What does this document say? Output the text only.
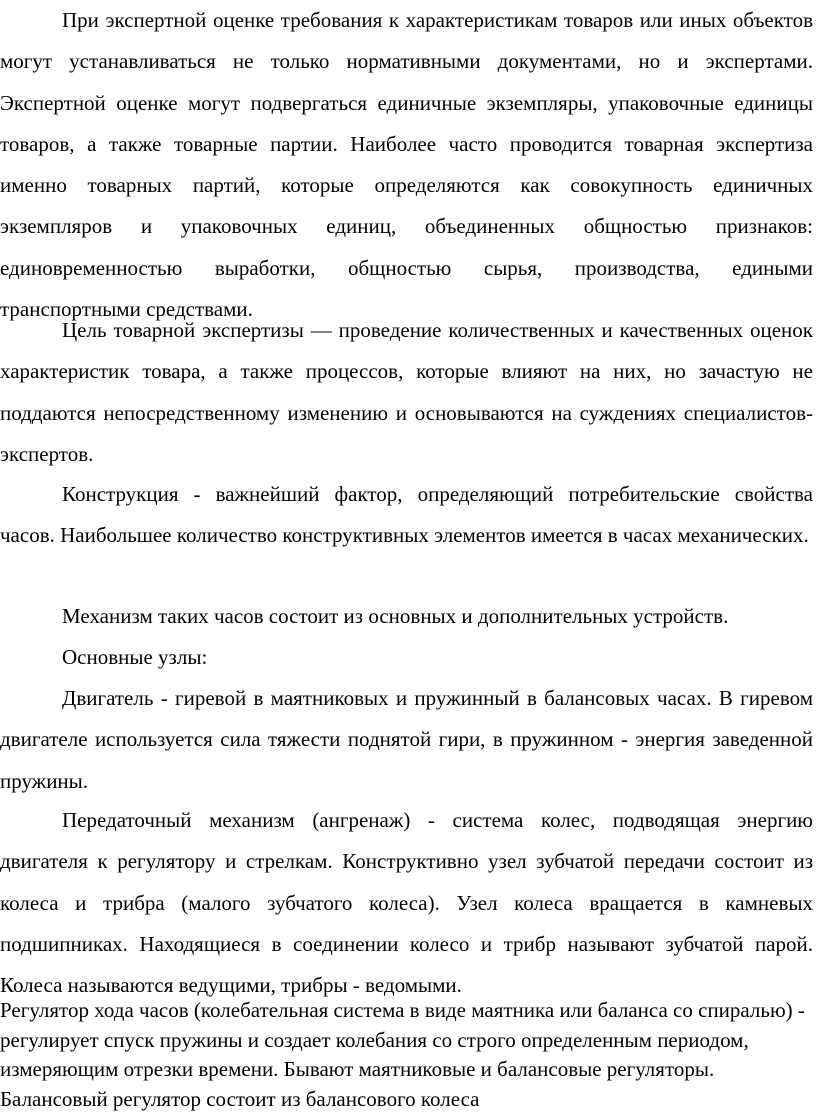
При экспертной оценке требования к характеристикам товаров или иных объектов могут устанавливаться не только нормативными документами, но и экспертами. Экспертной оценке могут подвергаться единичные экземпляры, упаковочные единицы товаров, а также товарные партии. Наиболее часто проводится товарная экспертиза именно товарных партий, которые определяются как совокупность единичных экземпляров и упаковочных единиц, объединенных общностью признаков: единовременностью выработки, общностью сырья, производства, едиными транспортными средствами.

Цель товарной экспертизы — проведение количественных и качественных оценок характеристик товара, а также процессов, которые влияют на них, но зачастую не поддаются непосредственному изменению и основываются на суждениях специалистов-экспертов.

Конструкция - важнейший фактор, определяющий потребительские свойства часов. Наибольшее количество конструктивных элементов имеется в часах механических.

Механизм таких часов состоит из основных и дополнительных устройств.

Основные узлы:

Двигатель - гиревой в маятниковых и пружинный в балансовых часах. В гиревом двигателе используется сила тяжести поднятой гири, в пружинном - энергия заведенной пружины.

Передаточный механизм (ангренаж) - система колес, подводящая энергию двигателя к регулятору и стрелкам. Конструктивно узел зубчатой передачи состоит из колеса и трибра (малого зубчатого колеса). Узел колеса вращается в камневых подшипниках. Находящиеся в соединении колесо и трибр называют зубчатой парой. Колеса называются ведущими, трибры - ведомыми.

Регулятор хода часов (колебательная система в виде маятника или баланса со спиралью) - регулирует спуск пружины и создает колебания со строго определенным периодом, измеряющим отрезки времени. Бывают маятниковые и балансовые регуляторы. Балансовый регулятор состоит из балансового колеса
